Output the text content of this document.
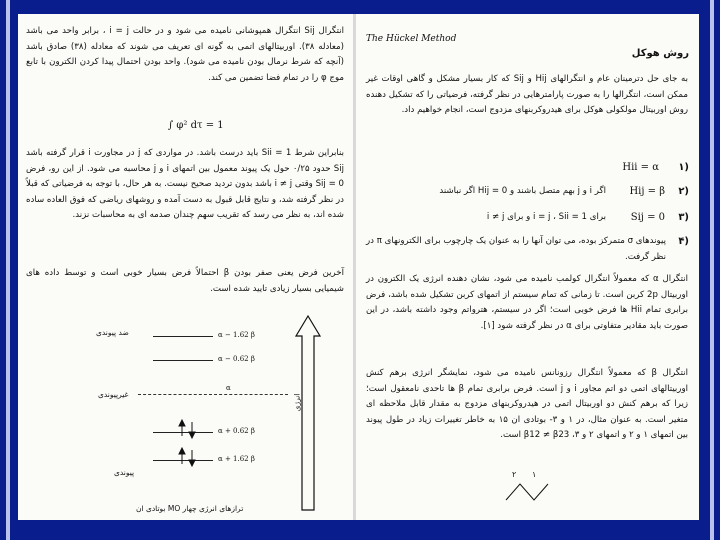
انتگرال Sij انتگرال همپوشانی نامیده می شود و در حالت i = j ، برابر واحد می باشد (معادله ۳۸). اوربیتالهای اتمی به گونه ای تعریف می شوند که معادله (۳۸) صادق باشد (آنچه که شرط نرمال بودن نامیده می شود). واحد بودن احتمال پیدا کردن الکترون با تابع موج φ را در تمام فضا تضمین می کند.
∫ φ² dτ = 1
بنابراین شرط Sii = 1 باید درست باشد. در مواردی که j در مجاورت i قرار گرفته باشد Sij حدود ۰/۲۵ حول یک پیوند معمول بین اتمهای i و j محاسبه می شود. از این رو، فرض Sij = 0 وقتی i ≠ j باشد بدون تردید صحیح نیست. به هر حال، با توجه به فرضیاتی که قبلاً در نظر گرفته شد، و نتایج قابل قبول به دست آمده و روشهای ریاضی که فوق العاده ساده شده اند، به نظر می رسد که تقریب سهم چندان صدمه ای به محاسبات نزند.
آخرین فرض یعنی صفر بودن β احتمالاً فرض بسیار خوبی است و توسط داده های شیمیایی بسیار زیادی تایید شده است.
ضد پیوندی
غیرپیوندی
پیوندی
α − 1.62 β
α − 0.62 β
α
α + 0.62 β
α + 1.62 β
انرژی
ترازهای انرژی چهار MO بوتادی ان
The Hückel Method
روش هوکل
به جای حل دترمینان عام و انتگرالهای Hij و Sij که کار بسیار مشکل و گاهی اوقات غیر ممکن است، انتگرالها را به صورت پارامترهایی در نظر گرفته، فرضیاتی را که تشکیل دهنده روش اوربیتال مولکولی هوکل برای هیدروکربنهای مزدوج است، انجام خواهیم داد.
۱)
Hii = α
۲)
Hij = β
اگر i و j بهم متصل باشند و Hij = 0 اگر نباشند
۳)
Sij = 0
برای i = j ، Sii = 1 و برای i ≠ j
۴)
پیوندهای σ متمرکز بوده، می توان آنها را به عنوان یک چارچوب برای الکترونهای π در نظر گرفت.
انتگرال α که معمولاً انتگرال کولمب نامیده می شود، نشان دهنده انرژی یک الکترون در اوربیتال 2p کربن است. تا زمانی که تمام سیستم از اتمهای کربن تشکیل شده باشد، فرض برابری تمام Hii ها فرض خوبی است؛ اگر در سیستم، هترواتم وجود داشته باشد، در این صورت باید مقادیر متفاوتی برای α در نظر گرفته شود [۱].
انتگرال β که معمولاً انتگرال رزونانس نامیده می شود، نمایشگر انرژی برهم کنش اوربیتالهای اتمی دو اتم مجاور i و j است. فرض برابری تمام β ها تاحدی نامعقول است؛ زیرا که برهم کنش دو اوربیتال اتمی در هیدروکربنهای مزدوج به مقدار قابل ملاحظه ای متغیر است. به عنوان مثال، در ۱ و ۳- بوتادی ان ۱۵ به خاطر تغییرات زیاد در طول پیوند بین اتمهای ۱ و ۲ و اتمهای ۲ و ۳، β12 ≠ β23 است.
۲ ۱
